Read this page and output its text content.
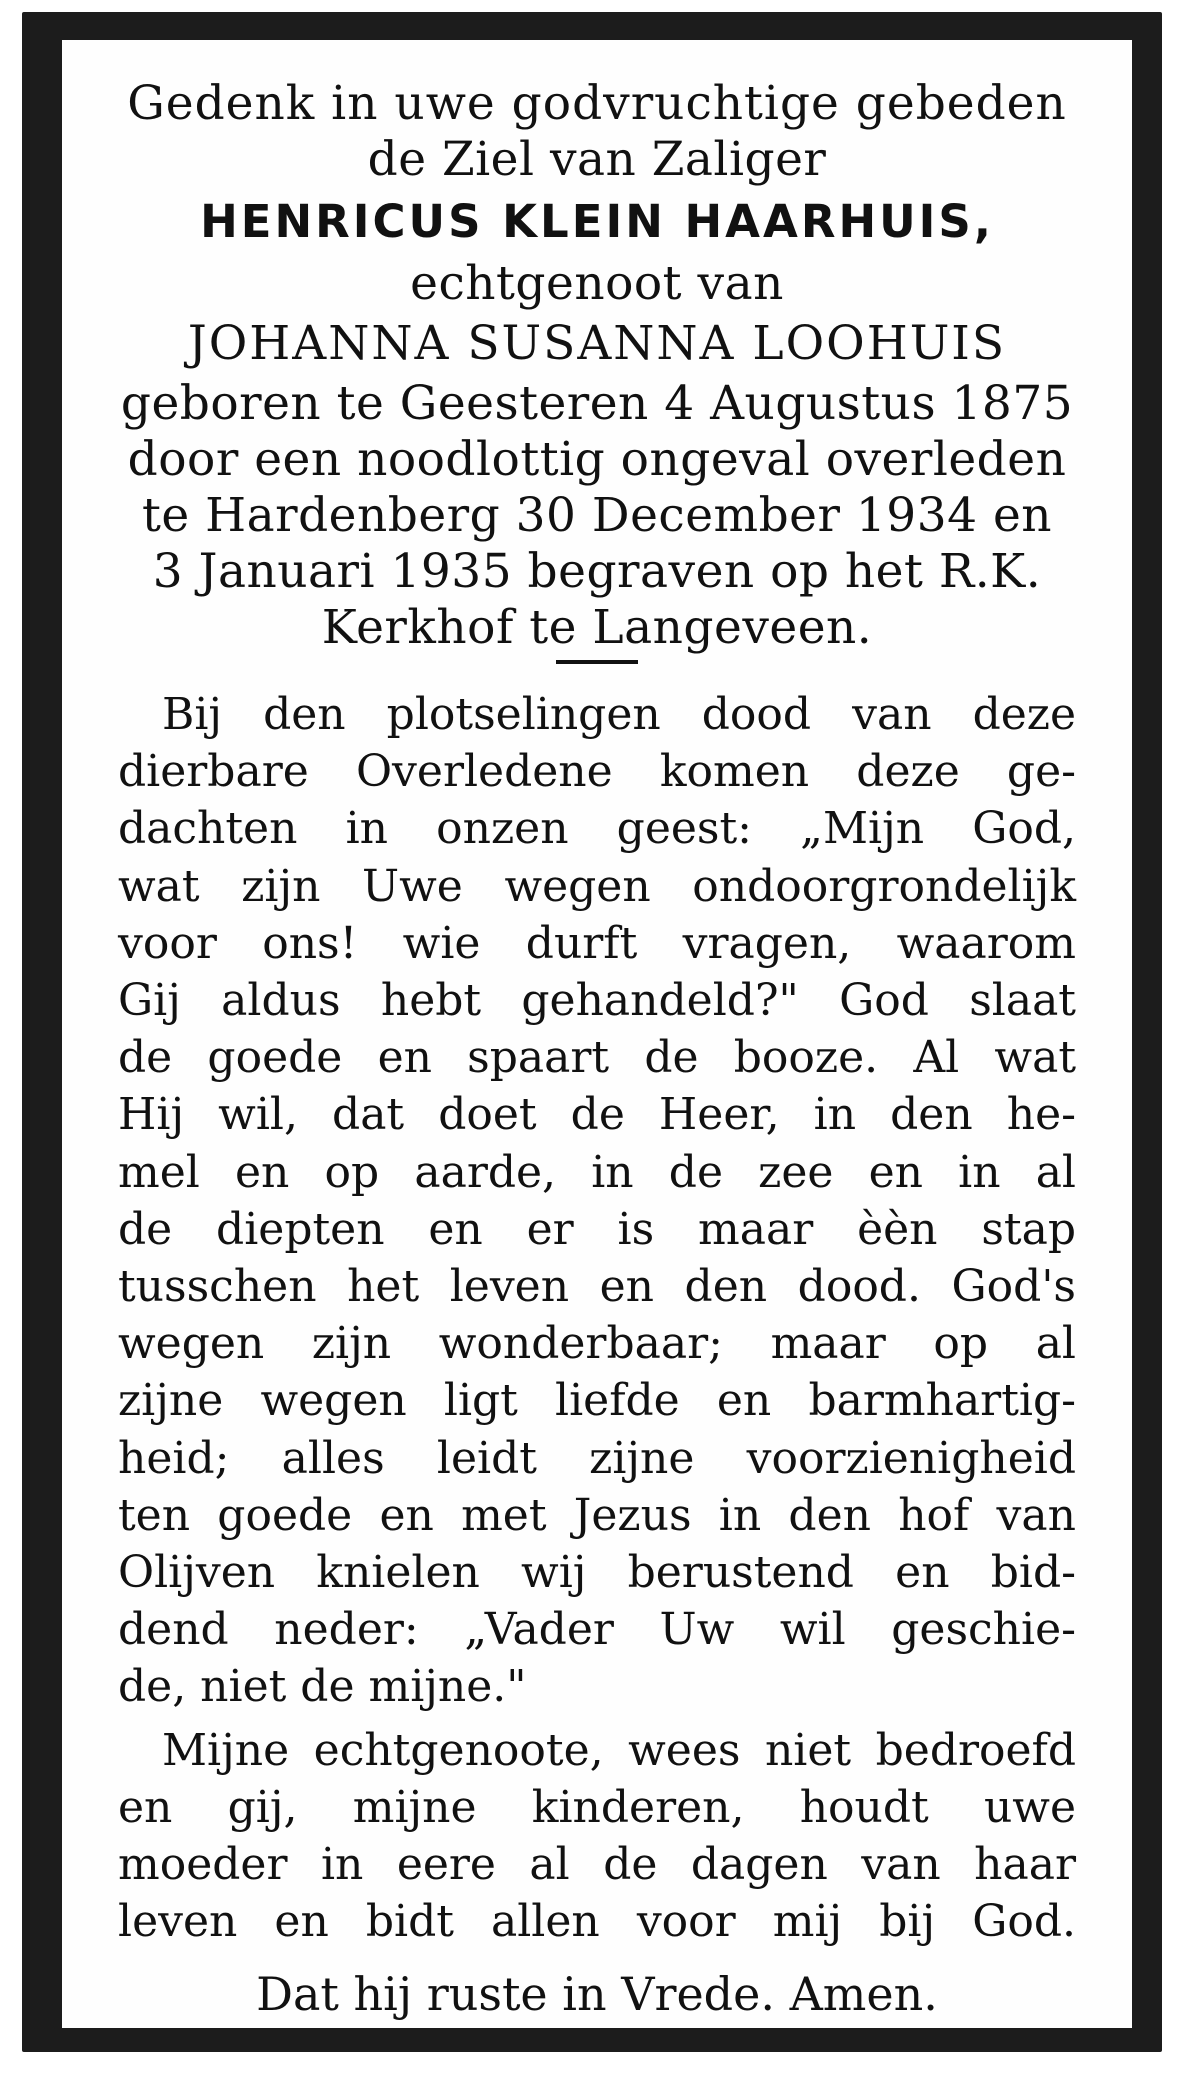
Gedenk in uwe godvruchtige gebeden
de Ziel van Zaliger
HENRICUS KLEIN HAARHUIS,
echtgenoot van
JOHANNA SUSANNA LOOHUIS
geboren te Geesteren 4 Augustus 1875
door een noodlottig ongeval overleden
te Hardenberg 30 December 1934 en
3 Januari 1935 begraven op het R.K.
Kerkhof te Langeveen.
Bij den plotselingen dood van deze
dierbare Overledene komen deze ge-
dachten in onzen geest: „Mijn God,
wat zijn Uwe wegen ondoorgrondelijk
voor ons! wie durft vragen, waarom
Gij aldus hebt gehandeld?" God slaat
de goede en spaart de booze. Al wat
Hij wil, dat doet de Heer, in den he-
mel en op aarde, in de zee en in al
de diepten en er is maar èèn stap
tusschen het leven en den dood. God's
wegen zijn wonderbaar; maar op al
zijne wegen ligt liefde en barmhartig-
heid; alles leidt zijne voorzienigheid
ten goede en met Jezus in den hof van
Olijven knielen wij berustend en bid-
dend neder: „Vader Uw wil geschie-
de, niet de mijne."
Mijne echtgenoote, wees niet bedroefd
en gij, mijne kinderen, houdt uwe
moeder in eere al de dagen van haar
leven en bidt allen voor mij bij God.
Dat hij ruste in Vrede. Amen.
